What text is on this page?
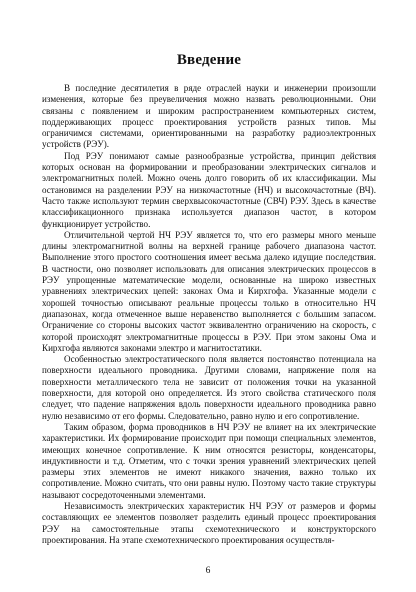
Введение

В последние десятилетия в ряде отраслей науки и инженерии произошли изменения, которые без преувеличения можно назвать революционными. Они связаны с появлением и широким распространением компьютерных систем, поддерживающих процесс проектирования устройств разных типов. Мы ограничимся системами, ориентированными на разработку радиоэлектронных устройств (РЭУ).

Под РЭУ понимают самые разнообразные устройства, принцип действия которых основан на формировании и преобразовании электрических сигналов и электромагнитных полей. Можно очень долго говорить об их классификации. Мы остановимся на разделении РЭУ на низкочастотные (НЧ) и высокочастотные (ВЧ). Часто также используют термин сверхвысокочастотные (СВЧ) РЭУ. Здесь в качестве классификационного признака используется диапазон частот, в котором функционирует устройство.

Отличительной чертой НЧ РЭУ является то, что его размеры много меньше длины электромагнитной волны на верхней границе рабочего диапазона частот. Выполнение этого простого соотношения имеет весьма далеко идущие последствия. В частности, оно позволяет использовать для описания электрических процессов в РЭУ упрощенные математические модели, основанные на широко известных уравнениях электрических цепей: законах Ома и Кирхгофа. Указанные модели с хорошей точностью описывают реальные процессы только в относительно НЧ диапазонах, когда отмеченное выше неравенство выполняется с большим запасом. Ограничение со стороны высоких частот эквивалентно ограничению на скорость, с которой происходят электромагнитные процессы в РЭУ. При этом законы Ома и Кирхгофа являются законами электро и магнитостатики.

Особенностью электростатического поля является постоянство потенциала на поверхности идеального проводника. Другими словами, напряжение поля на поверхности металлического тела не зависит от положения точки на указанной поверхности, для которой оно определяется. Из этого свойства статического поля следует, что падение напряжения вдоль поверхности идеального проводника равно нулю независимо от его формы. Следовательно, равно нулю и его сопротивление.

Таким образом, форма проводников в НЧ РЭУ не влияет на их электрические характеристики. Их формирование происходит при помощи специальных элементов, имеющих конечное сопротивление. К ним относятся резисторы, конденсаторы, индуктивности и т.д. Отметим, что с точки зрения уравнений электрических цепей размеры этих элементов не имеют никакого значения, важно только их сопротивление. Можно считать, что они равны нулю. Поэтому часто такие структуры называют сосредоточенными элементами.

Независимость электрических характеристик НЧ РЭУ от размеров и формы составляющих ее элементов позволяет разделить единый процесс проектирования РЭУ на самостоятельные этапы схемотехнического и конструкторского проектирования. На этапе схемотехнического проектирования осуществля-

6
